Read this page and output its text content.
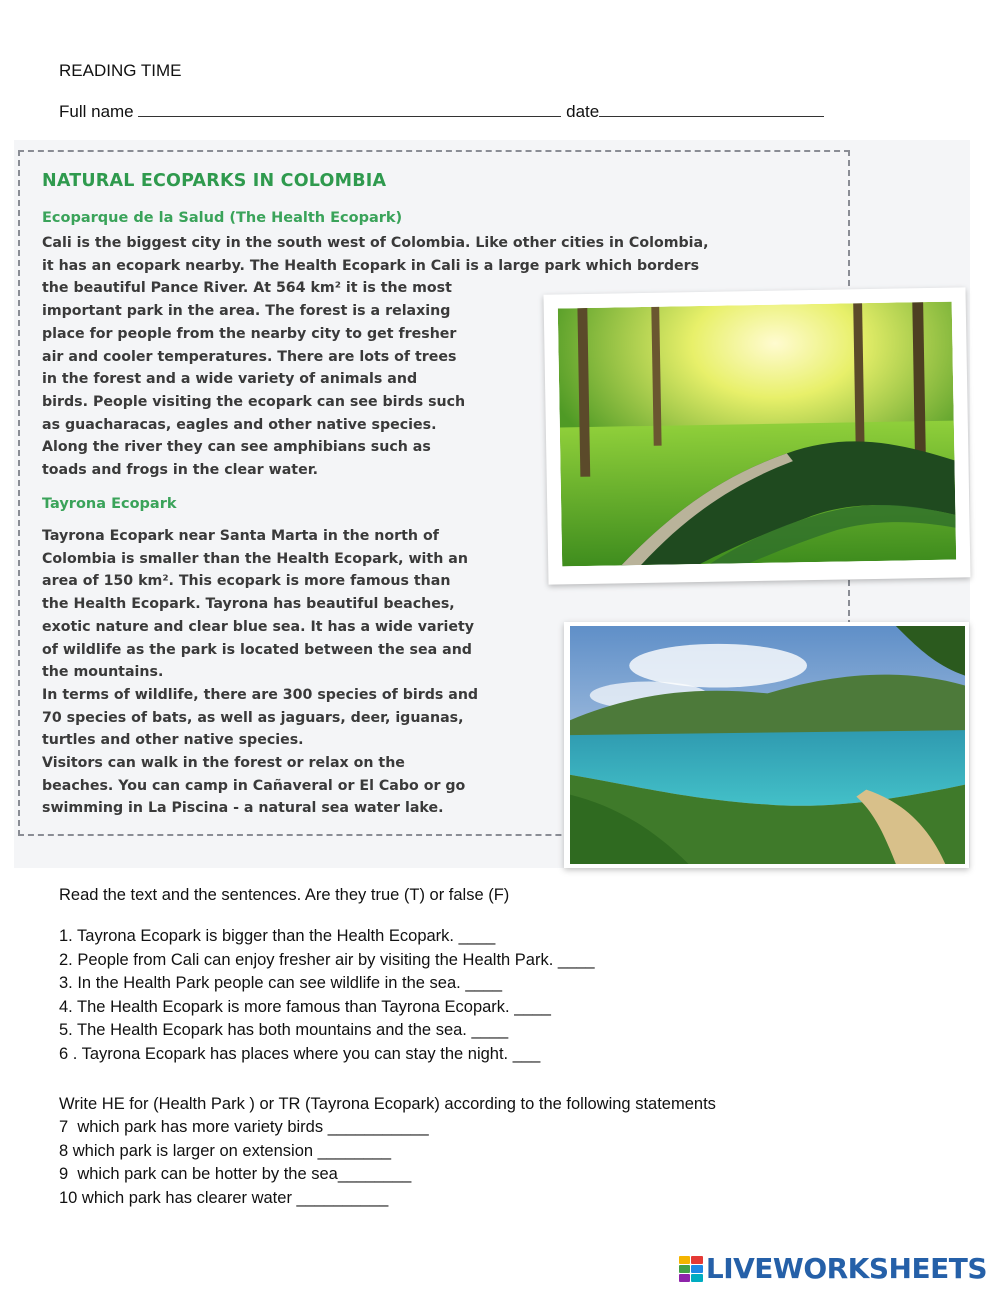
READING TIME
Full name	date
NATURAL ECOPARKS IN COLOMBIA
Ecoparque de la Salud (The Health Ecopark)
Cali is the biggest city in the south west of Colombia. Like other cities in Colombia,
it has an ecopark nearby. The Health Ecopark in Cali is a large park which borders
the beautiful Pance River. At 564 km² it is the most
important park in the area. The forest is a relaxing
place for people from the nearby city to get fresher
air and cooler temperatures. There are lots of trees
in the forest and a wide variety of animals and
birds. People visiting the ecopark can see birds such
as guacharacas, eagles and other native species.
Along the river they can see amphibians such as
toads and frogs in the clear water.
Tayrona Ecopark
Tayrona Ecopark near Santa Marta in the north of
Colombia is smaller than the Health Ecopark, with an
area of 150 km². This ecopark is more famous than
the Health Ecopark. Tayrona has beautiful beaches,
exotic nature and clear blue sea. It has a wide variety
of wildlife as the park is located between the sea and
the mountains.
In terms of wildlife, there are 300 species of birds and
70 species of bats, as well as jaguars, deer, iguanas,
turtles and other native species.
Visitors can walk in the forest or relax on the
beaches. You can camp in Cañaveral or El Cabo or go
swimming in La Piscina - a natural sea water lake.
Read the text and the sentences. Are they true (T) or false (F)
1. Tayrona Ecopark is bigger than the Health Ecopark. ____
2. People from Cali can enjoy fresher air by visiting the Health Park. ____
3. In the Health Park people can see wildlife in the sea. ____
4. The Health Ecopark is more famous than Tayrona Ecopark. ____
5. The Health Ecopark has both mountains and the sea. ____
6 . Tayrona Ecopark has places where you can stay the night. ___
Write HE for (Health Park ) or TR (Tayrona Ecopark) according to the following statements
7  which park has more variety birds ___________
8 which park is larger on extension ________
9  which park can be hotter by the sea________
10 which park has clearer water __________
LIVEWORKSHEETS
